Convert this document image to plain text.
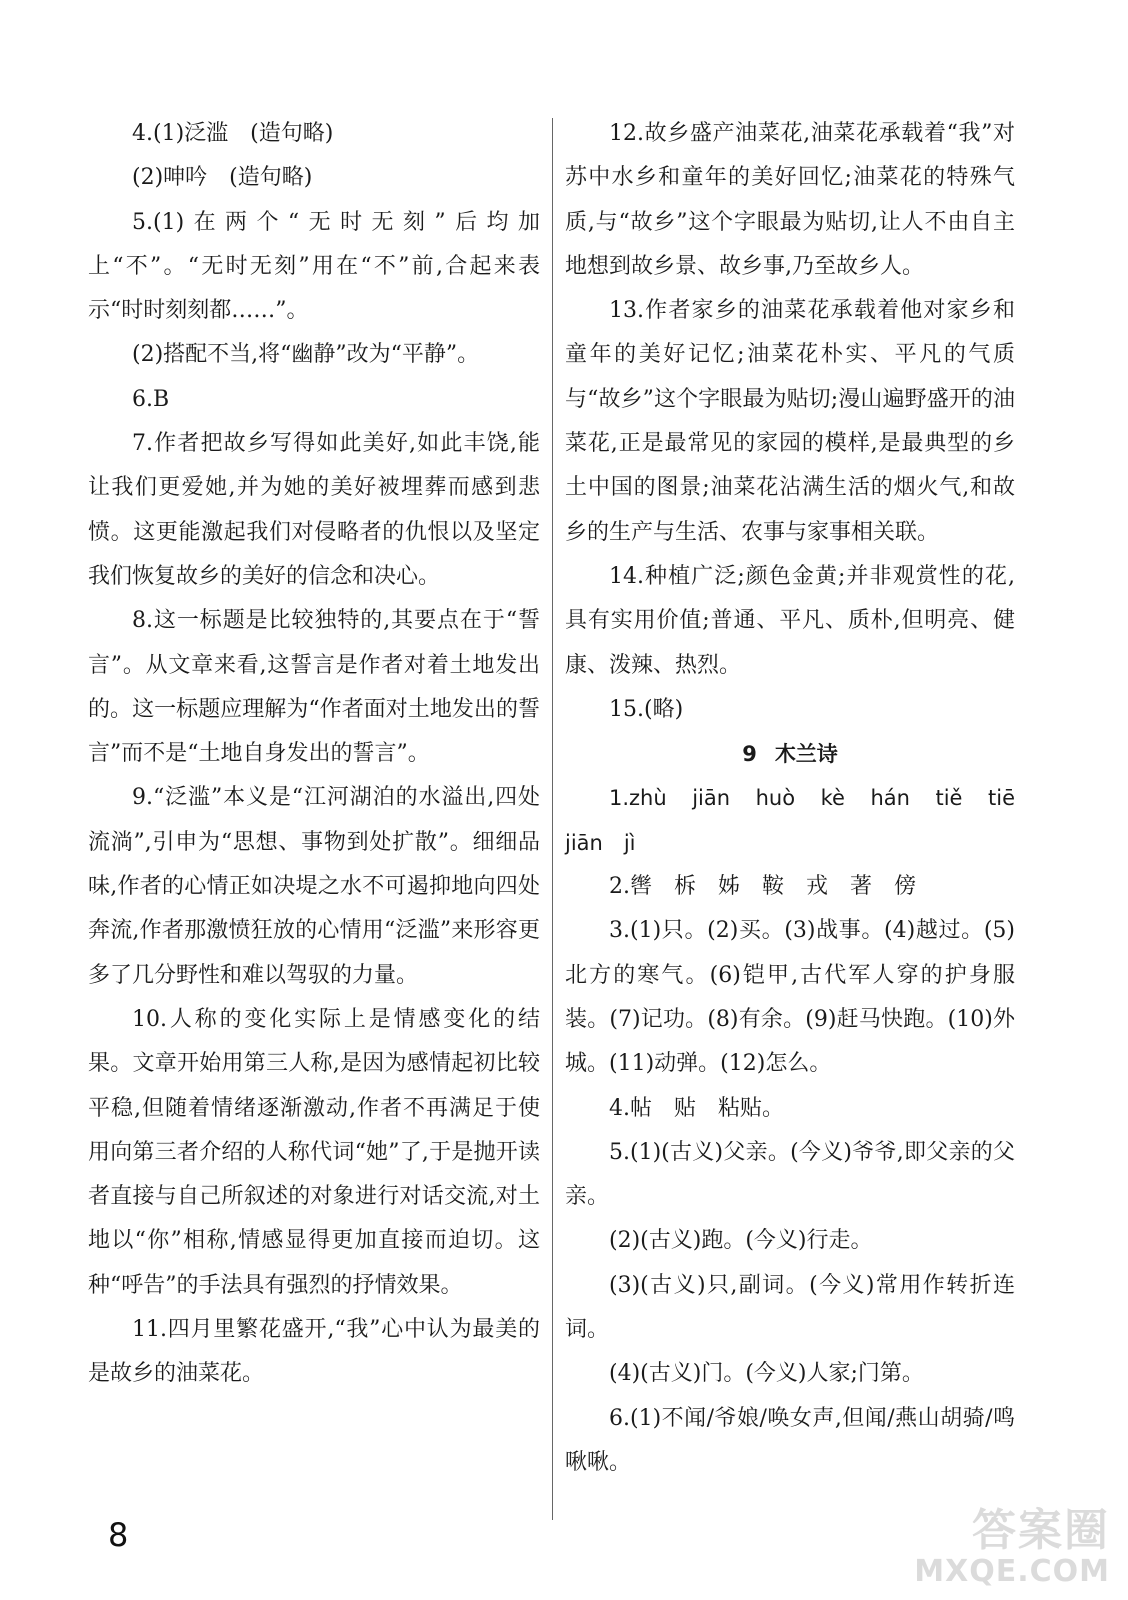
4.(1)泛滥　(造句略)

(2)呻吟　(造句略)

5.(1)在两个“无时无刻”后均加上“不”。“无时无刻”用在“不”前,合起来表示“时时刻刻都……”。

(2)搭配不当,将“幽静”改为“平静”。

6.B

7.作者把故乡写得如此美好,如此丰饶,能让我们更爱她,并为她的美好被埋葬而感到悲愤。这更能激起我们对侵略者的仇恨以及坚定我们恢复故乡的美好的信念和决心。

8.这一标题是比较独特的,其要点在于“誓言”。从文章来看,这誓言是作者对着土地发出的。这一标题应理解为“作者面对土地发出的誓言”而不是“土地自身发出的誓言”。

9.“泛滥”本义是“江河湖泊的水溢出,四处流淌”,引申为“思想、事物到处扩散”。细细品味,作者的心情正如决堤之水不可遏抑地向四处奔流,作者那激愤狂放的心情用“泛滥”来形容更多了几分野性和难以驾驭的力量。

10.人称的变化实际上是情感变化的结果。文章开始用第三人称,是因为感情起初比较平稳,但随着情绪逐渐激动,作者不再满足于使用向第三者介绍的人称代词“她”了,于是抛开读者直接与自己所叙述的对象进行对话交流,对土地以“你”相称,情感显得更加直接而迫切。这种“呼告”的手法具有强烈的抒情效果。

11.四月里繁花盛开,“我”心中认为最美的是故乡的油菜花。

12.故乡盛产油菜花,油菜花承载着“我”对苏中水乡和童年的美好回忆;油菜花的特殊气质,与“故乡”这个字眼最为贴切,让人不由自主地想到故乡景、故乡事,乃至故乡人。

13.作者家乡的油菜花承载着他对家乡和童年的美好记忆;油菜花朴实、平凡的气质与“故乡”这个字眼最为贴切;漫山遍野盛开的油菜花,正是最常见的家园的模样,是最典型的乡土中国的图景;油菜花沾满生活的烟火气,和故乡的生产与生活、农事与家事相关联。

14.种植广泛;颜色金黄;并非观赏性的花,具有实用价值;普通、平凡、质朴,但明亮、健康、泼辣、热烈。

15.(略)

9 木兰诗

1.zhù　jiān　huò　kè　hán　tiě　tiē　jiān　jì

2.辔　柝　姊　鞍　戎　著　傍

3.(1)只。(2)买。(3)战事。(4)越过。(5)北方的寒气。(6)铠甲,古代军人穿的护身服装。(7)记功。(8)有余。(9)赶马快跑。(10)外城。(11)动弹。(12)怎么。

4.帖　贴　粘贴。

5.(1)(古义)父亲。(今义)爷爷,即父亲的父亲。

(2)(古义)跑。(今义)行走。

(3)(古义)只,副词。(今义)常用作转折连词。

(4)(古义)门。(今义)人家;门第。

6.(1)不闻/爷娘/唤女声,但闻/燕山胡骑/鸣啾啾。

8	答案圈
MXQE.COM
